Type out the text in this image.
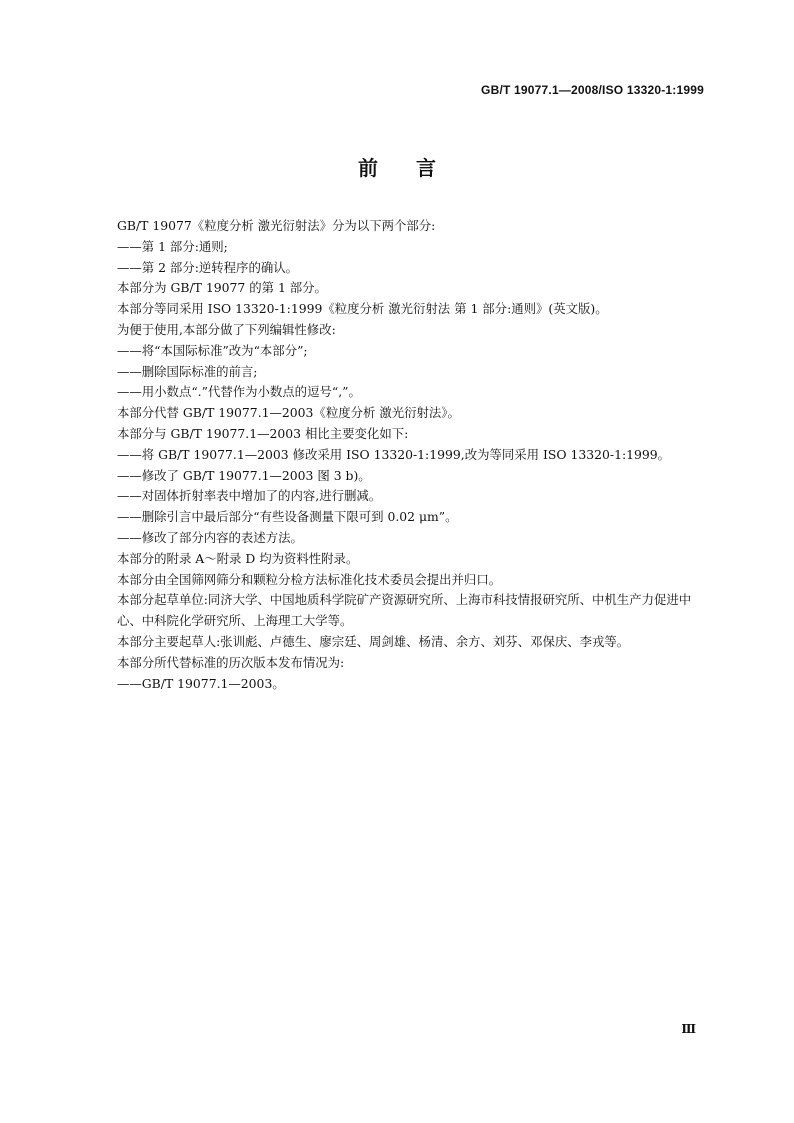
GB/T 19077.1—2008/ISO 13320-1:1999
前言
GB/T 19077《粒度分析 激光衍射法》分为以下两个部分:
——第 1 部分:通则;
——第 2 部分:逆转程序的确认。
本部分为 GB/T 19077 的第 1 部分。
本部分等同采用 ISO 13320-1:1999《粒度分析 激光衍射法 第 1 部分:通则》(英文版)。
为便于使用,本部分做了下列编辑性修改:
——将“本国际标准”改为“本部分”;
——删除国际标准的前言;
——用小数点“.”代替作为小数点的逗号“,”。
本部分代替 GB/T 19077.1—2003《粒度分析 激光衍射法》。
本部分与 GB/T 19077.1—2003 相比主要变化如下:
——将 GB/T 19077.1—2003 修改采用 ISO 13320-1:1999,改为等同采用 ISO 13320-1:1999。
——修改了 GB/T 19077.1—2003 图 3 b)。
——对固体折射率表中增加了的内容,进行删减。
——删除引言中最后部分“有些设备测量下限可到 0.02 μm”。
——修改了部分内容的表述方法。
本部分的附录 A～附录 D 均为资料性附录。
本部分由全国筛网筛分和颗粒分检方法标准化技术委员会提出并归口。
本部分起草单位:同济大学、中国地质科学院矿产资源研究所、上海市科技情报研究所、中机生产力促进中心、中科院化学研究所、上海理工大学等。
本部分主要起草人:张训彪、卢德生、廖宗廷、周剑雄、杨清、余方、刘芬、邓保庆、李戎等。
本部分所代替标准的历次版本发布情况为:
——GB/T 19077.1—2003。
Ⅲ
